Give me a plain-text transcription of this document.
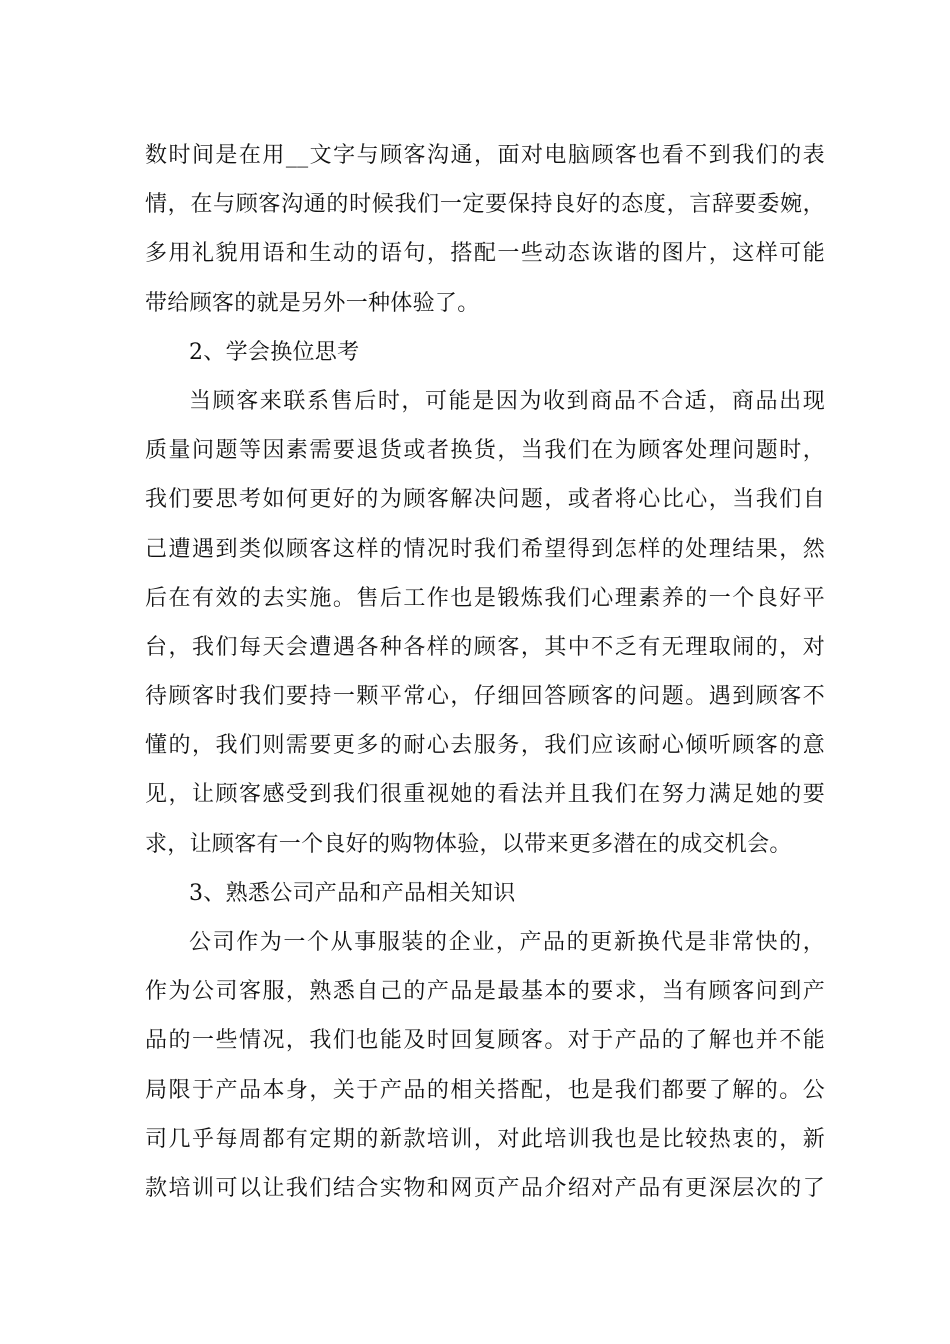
数时间是在用__文字与顾客沟通，面对电脑顾客也看不到我们的表
情，在与顾客沟通的时候我们一定要保持良好的态度，言辞要委婉，
多用礼貌用语和生动的语句，搭配一些动态诙谐的图片，这样可能
带给顾客的就是另外一种体验了。
2、学会换位思考
当顾客来联系售后时，可能是因为收到商品不合适，商品出现
质量问题等因素需要退货或者换货，当我们在为顾客处理问题时，
我们要思考如何更好的为顾客解决问题，或者将心比心，当我们自
己遭遇到类似顾客这样的情况时我们希望得到怎样的处理结果，然
后在有效的去实施。售后工作也是锻炼我们心理素养的一个良好平
台，我们每天会遭遇各种各样的顾客，其中不乏有无理取闹的，对
待顾客时我们要持一颗平常心，仔细回答顾客的问题。遇到顾客不
懂的，我们则需要更多的耐心去服务，我们应该耐心倾听顾客的意
见，让顾客感受到我们很重视她的看法并且我们在努力满足她的要
求，让顾客有一个良好的购物体验，以带来更多潜在的成交机会。
3、熟悉公司产品和产品相关知识
公司作为一个从事服装的企业，产品的更新换代是非常快的，
作为公司客服，熟悉自己的产品是最基本的要求，当有顾客问到产
品的一些情况，我们也能及时回复顾客。对于产品的了解也并不能
局限于产品本身，关于产品的相关搭配，也是我们都要了解的。公
司几乎每周都有定期的新款培训，对此培训我也是比较热衷的，新
款培训可以让我们结合实物和网页产品介绍对产品有更深层次的了
